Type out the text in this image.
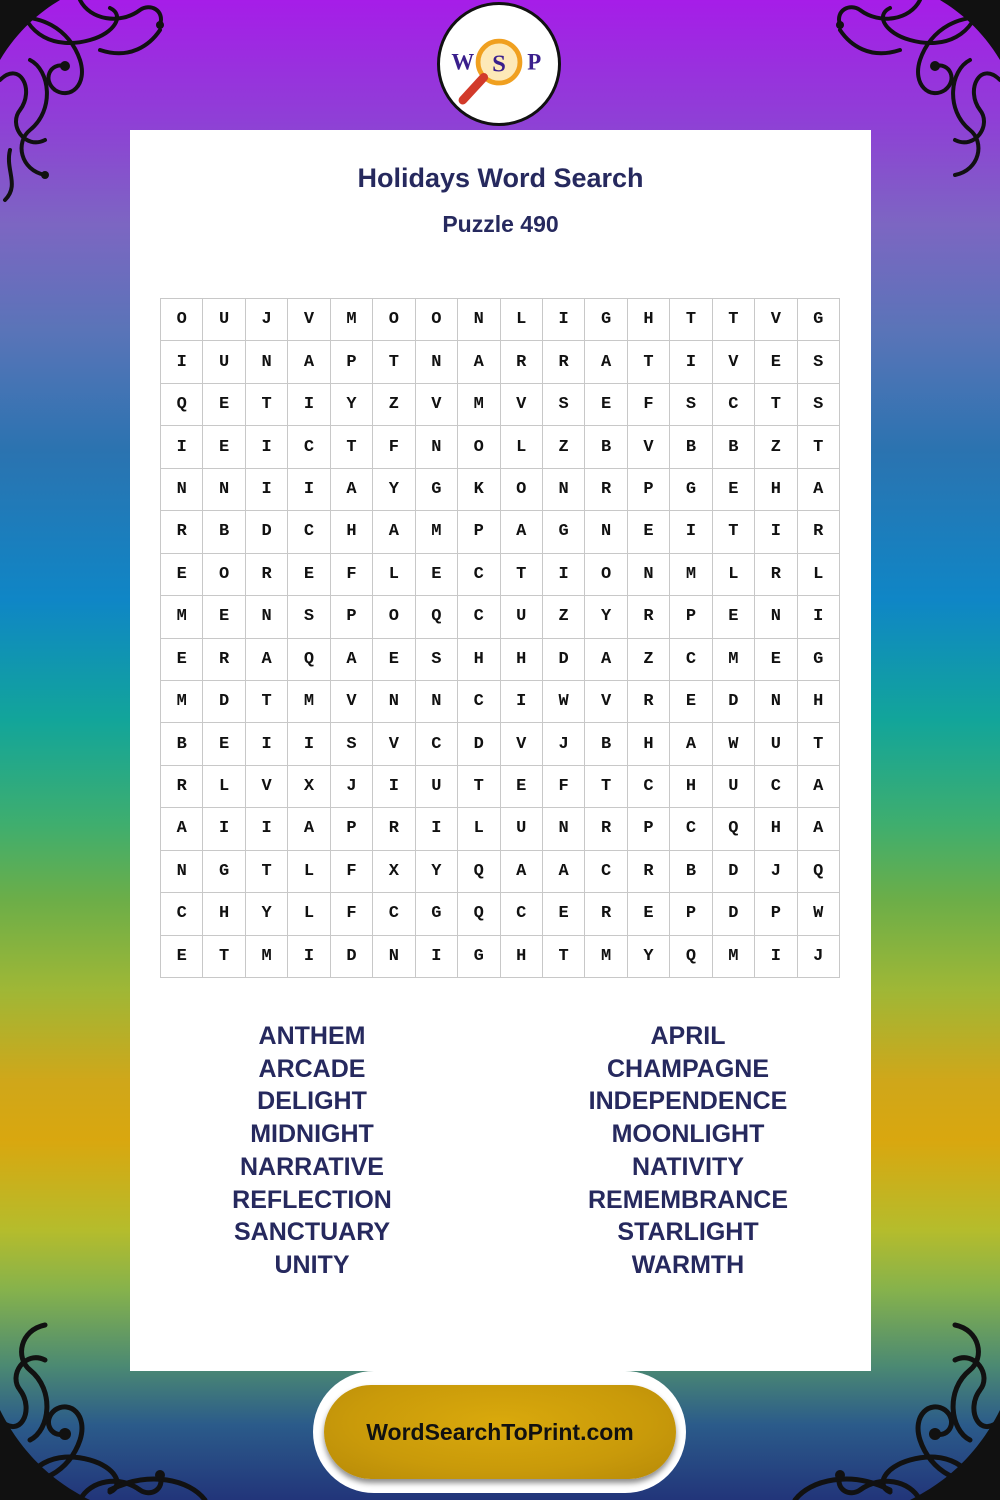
W S P
Holidays Word Search
Puzzle 490
O	U	J	V	M	O	O	N	L	I	G	H	T	T	V	G
I	U	N	A	P	T	N	A	R	R	A	T	I	V	E	S
Q	E	T	I	Y	Z	V	M	V	S	E	F	S	C	T	S
I	E	I	C	T	F	N	O	L	Z	B	V	B	B	Z	T
N	N	I	I	A	Y	G	K	O	N	R	P	G	E	H	A
R	B	D	C	H	A	M	P	A	G	N	E	I	T	I	R
E	O	R	E	F	L	E	C	T	I	O	N	M	L	R	L
M	E	N	S	P	O	Q	C	U	Z	Y	R	P	E	N	I
E	R	A	Q	A	E	S	H	H	D	A	Z	C	M	E	G
M	D	T	M	V	N	N	C	I	W	V	R	E	D	N	H
B	E	I	I	S	V	C	D	V	J	B	H	A	W	U	T
R	L	V	X	J	I	U	T	E	F	T	C	H	U	C	A
A	I	I	A	P	R	I	L	U	N	R	P	C	Q	H	A
N	G	T	L	F	X	Y	Q	A	A	C	R	B	D	J	Q
C	H	Y	L	F	C	G	Q	C	E	R	Е	P	D	P	W
E	T	M	I	D	N	I	G	H	T	M	Y	Q	M	I	J
ANTHEM
ARCADE
DELIGHT
MIDNIGHT
NARRATIVE
REFLECTION
SANCTUARY
UNITY
APRIL
CHAMPAGNE
INDEPENDENCE
MOONLIGHT
NATIVITY
REMEMBRANCE
STARLIGHT
WARMTH
WordSearchToPrint.com
